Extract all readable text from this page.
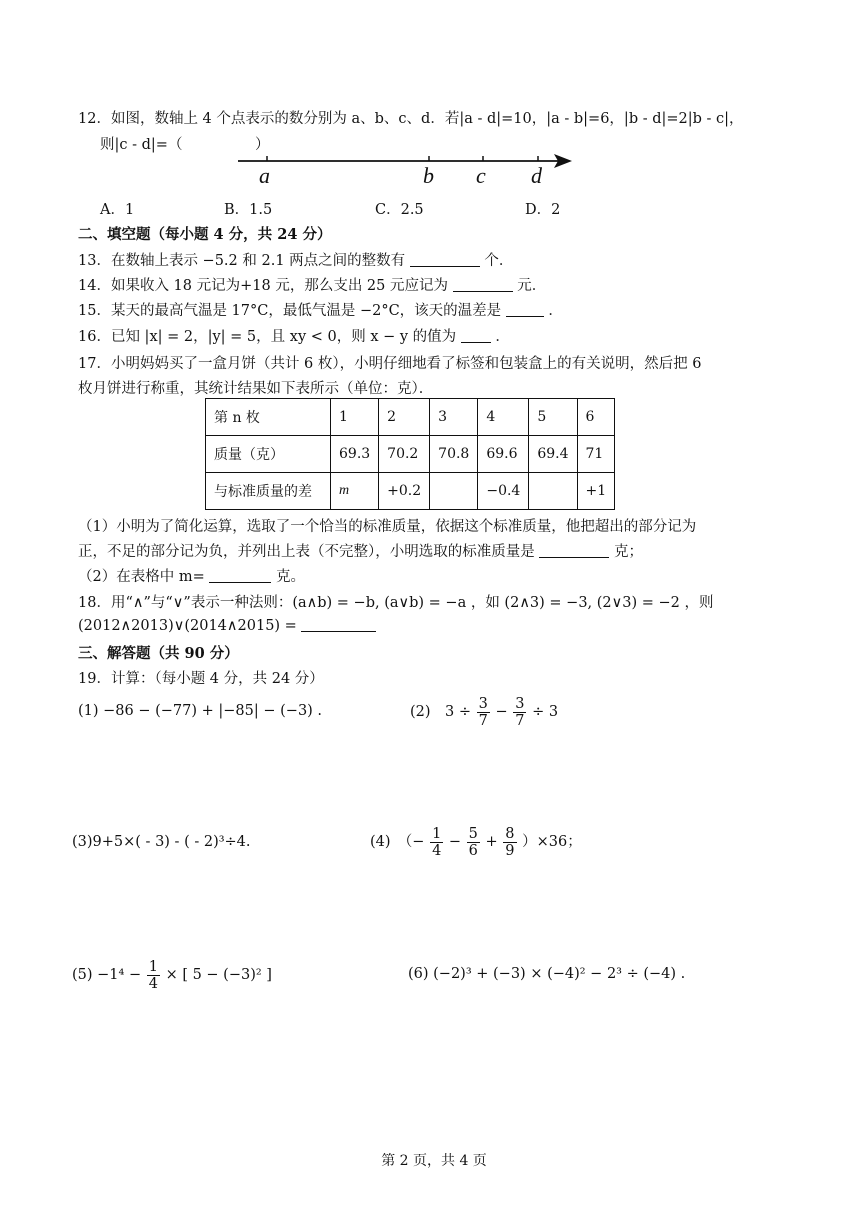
12．如图，数轴上 4 个点表示的数分别为 a、b、c、d．若|a - d|=10，|a - b|=6，|b - d|=2|b - c|，
则|c - d|=（　　　　　）
a	b c d
A．1	B．1.5	C．2.5	D．2
二、填空题（每小题 4 分，共 24 分）
13．在数轴上表示 −5.2 和 2.1 两点之间的整数有	个．
14．如果收入 18 元记为+18 元，那么支出 25 元应记为	元．
15．某天的最高气温是 17°C，最低气温是 −2°C，该天的温差是	．
16．已知 |x| = 2，|y| = 5，且 xy < 0，则 x − y 的值为	．
17．小明妈妈买了一盒月饼（共计 6 枚），小明仔细地看了标签和包装盒上的有关说明，然后把 6
枚月饼进行称重，其统计结果如下表所示（单位：克）．
第 n 枚	1	2	3	4	5	6
质量（克）	69.3	70.2	70.8	69.6	69.4	71
与标准质量的差	m	+0.2		−0.4		+1
（1）小明为了简化运算，选取了一个恰当的标准质量，依据这个标准质量，他把超出的部分记为
正，不足的部分记为负，并列出上表（不完整），小明选取的标准质量是	克；
（2）在表格中 m=	克。
18．用“∧”与“∨”表示一种法则：(a∧b) = −b, (a∨b) = −a ，如 (2∧3) = −3, (2∨3) = −2 ，则
(2012∧2013)∨(2014∧2015) =
三、解答题（共 90 分）
19．计算：（每小题 4 分，共 24 分）
(1) −86 − (−77) + |−85| − (−3) .	(2)　$3 \div \frac{3}{7} - \frac{3}{7} \div 3$
(3)9+5×( - 3) - ( - 2)³÷4.	(4)　（− $\frac{1}{4} - \frac{5}{6} + \frac{8}{9} )\times 36$；
$(5) -1^4 - \frac{1}{4}$ × [ 5 − (−3)² ]	(6) (−2)³ + (−3) × (−4)² − 2³ ÷ (−4) .
第 2 页，共 4 页
